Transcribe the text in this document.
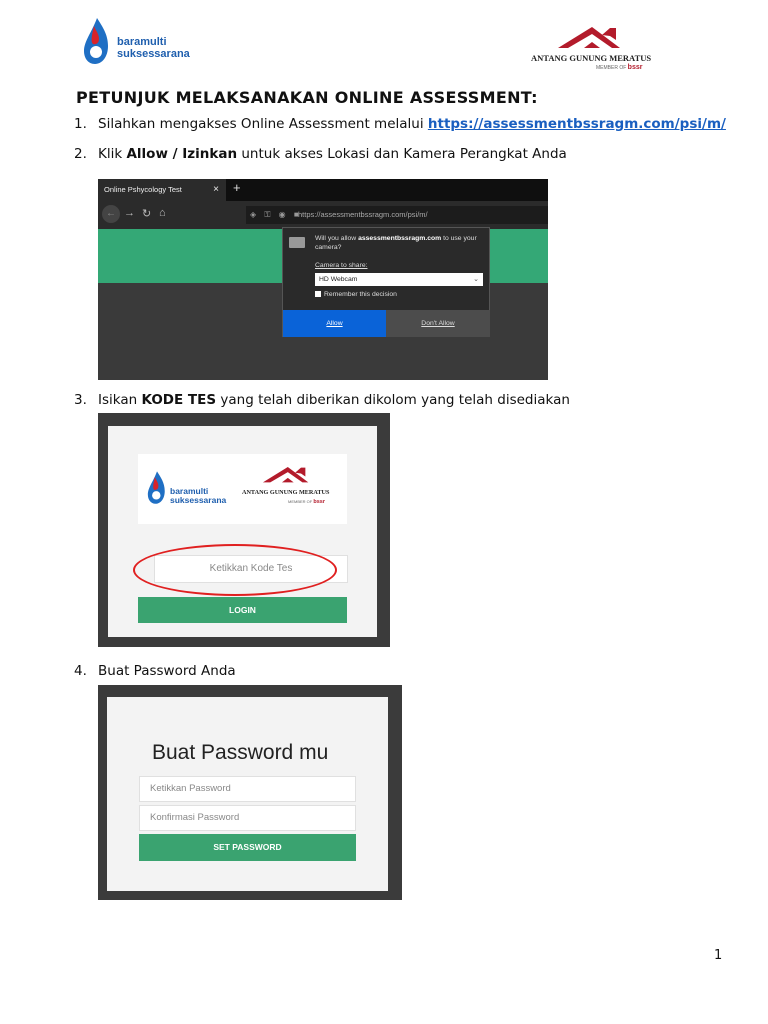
baramulti
suksessarana	ANTANG GUNUNG MERATUS
MEMBER OF bssr
PETUNJUK MELAKSANAKAN ONLINE ASSESSMENT:
1. Silahkan mengakses Online Assessment melalui https://assessmentbssragm.com/psi/m/
2. Klik Allow / Izinkan untuk akses Lokasi dan Kamera Perangkat Anda
Online Pshycology Test	× +
← → ↻ ⌂	◈ ⚿ ◉ ■
https://assessmentbssragm.com/psi/m/
Will you allow assessmentbssragm.com to use your camera?
Camera to share:
HD Webcam	⌄
Remember this decision
Allow	Don't Allow
3. Isikan KODE TES yang telah diberikan dikolom yang telah disediakan
baramulti
suksessarana
ANTANG GUNUNG MERATUS
MEMBER OF bssr
Ketikkan Kode Tes
LOGIN
4. Buat Password Anda
Buat Password mu
Ketikkan Password
Konfirmasi Password
SET PASSWORD
1
